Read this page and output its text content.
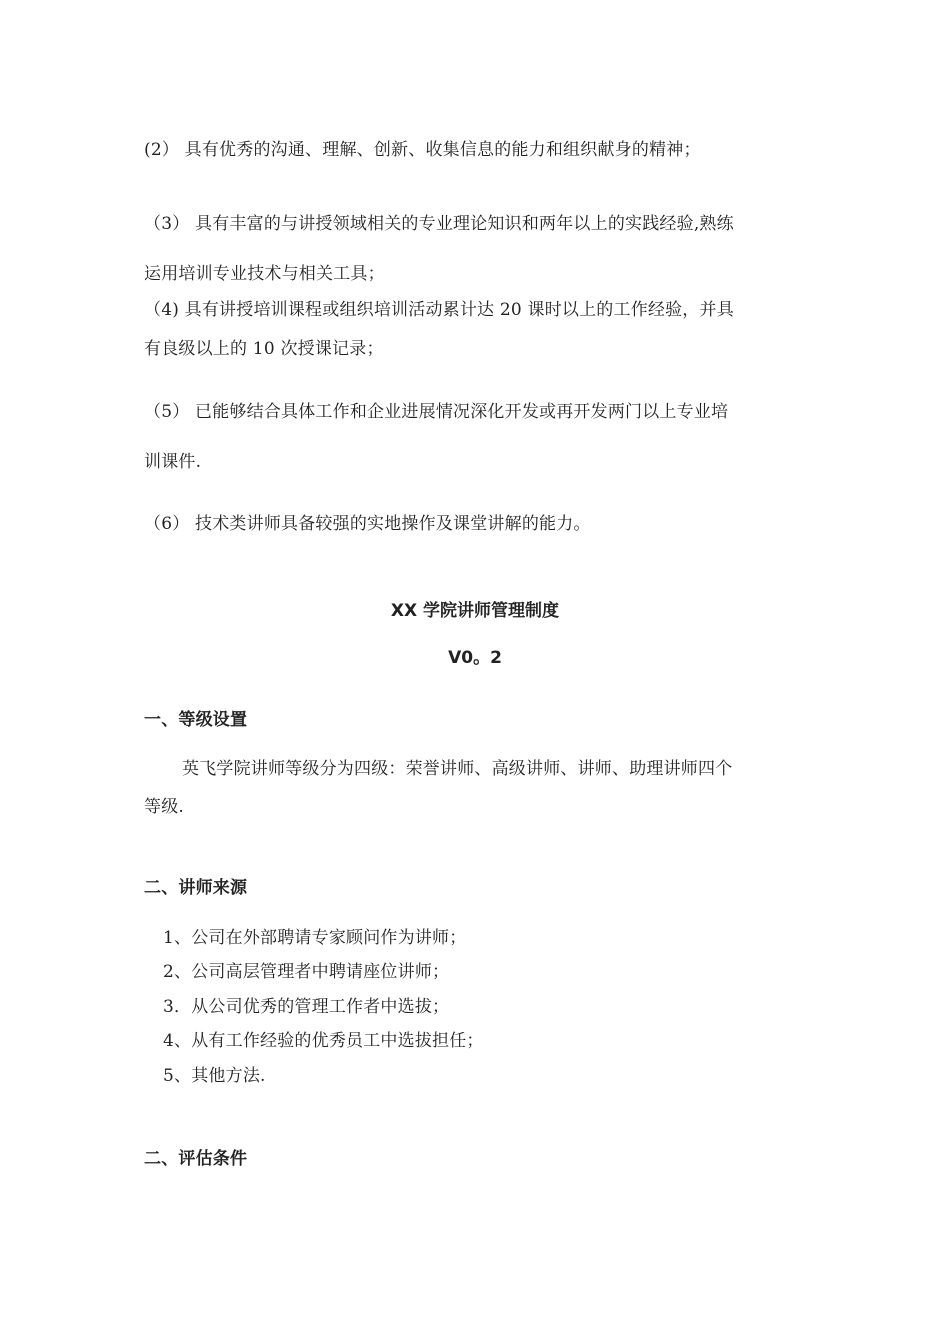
(2） 具有优秀的沟通、理解、创新、收集信息的能力和组织献身的精神；

（3） 具有丰富的与讲授领域相关的专业理论知识和两年以上的实践经验,熟练

运用培训专业技术与相关工具；

（4) 具有讲授培训课程或组织培训活动累计达 20 课时以上的工作经验，并具

有良级以上的 10 次授课记录；

（5） 已能够结合具体工作和企业进展情况深化开发或再开发两门以上专业培

训课件.

（6） 技术类讲师具备较强的实地操作及课堂讲解的能力。

XX 学院讲师管理制度
V0。2
一、等级设置

英飞学院讲师等级分为四级：荣誉讲师、高级讲师、讲师、助理讲师四个

等级.

二、讲师来源

1、公司在外部聘请专家顾问作为讲师；

2、公司高层管理者中聘请座位讲师；

3．从公司优秀的管理工作者中选拔；

4、从有工作经验的优秀员工中选拔担任；

5、其他方法.

二、评估条件
